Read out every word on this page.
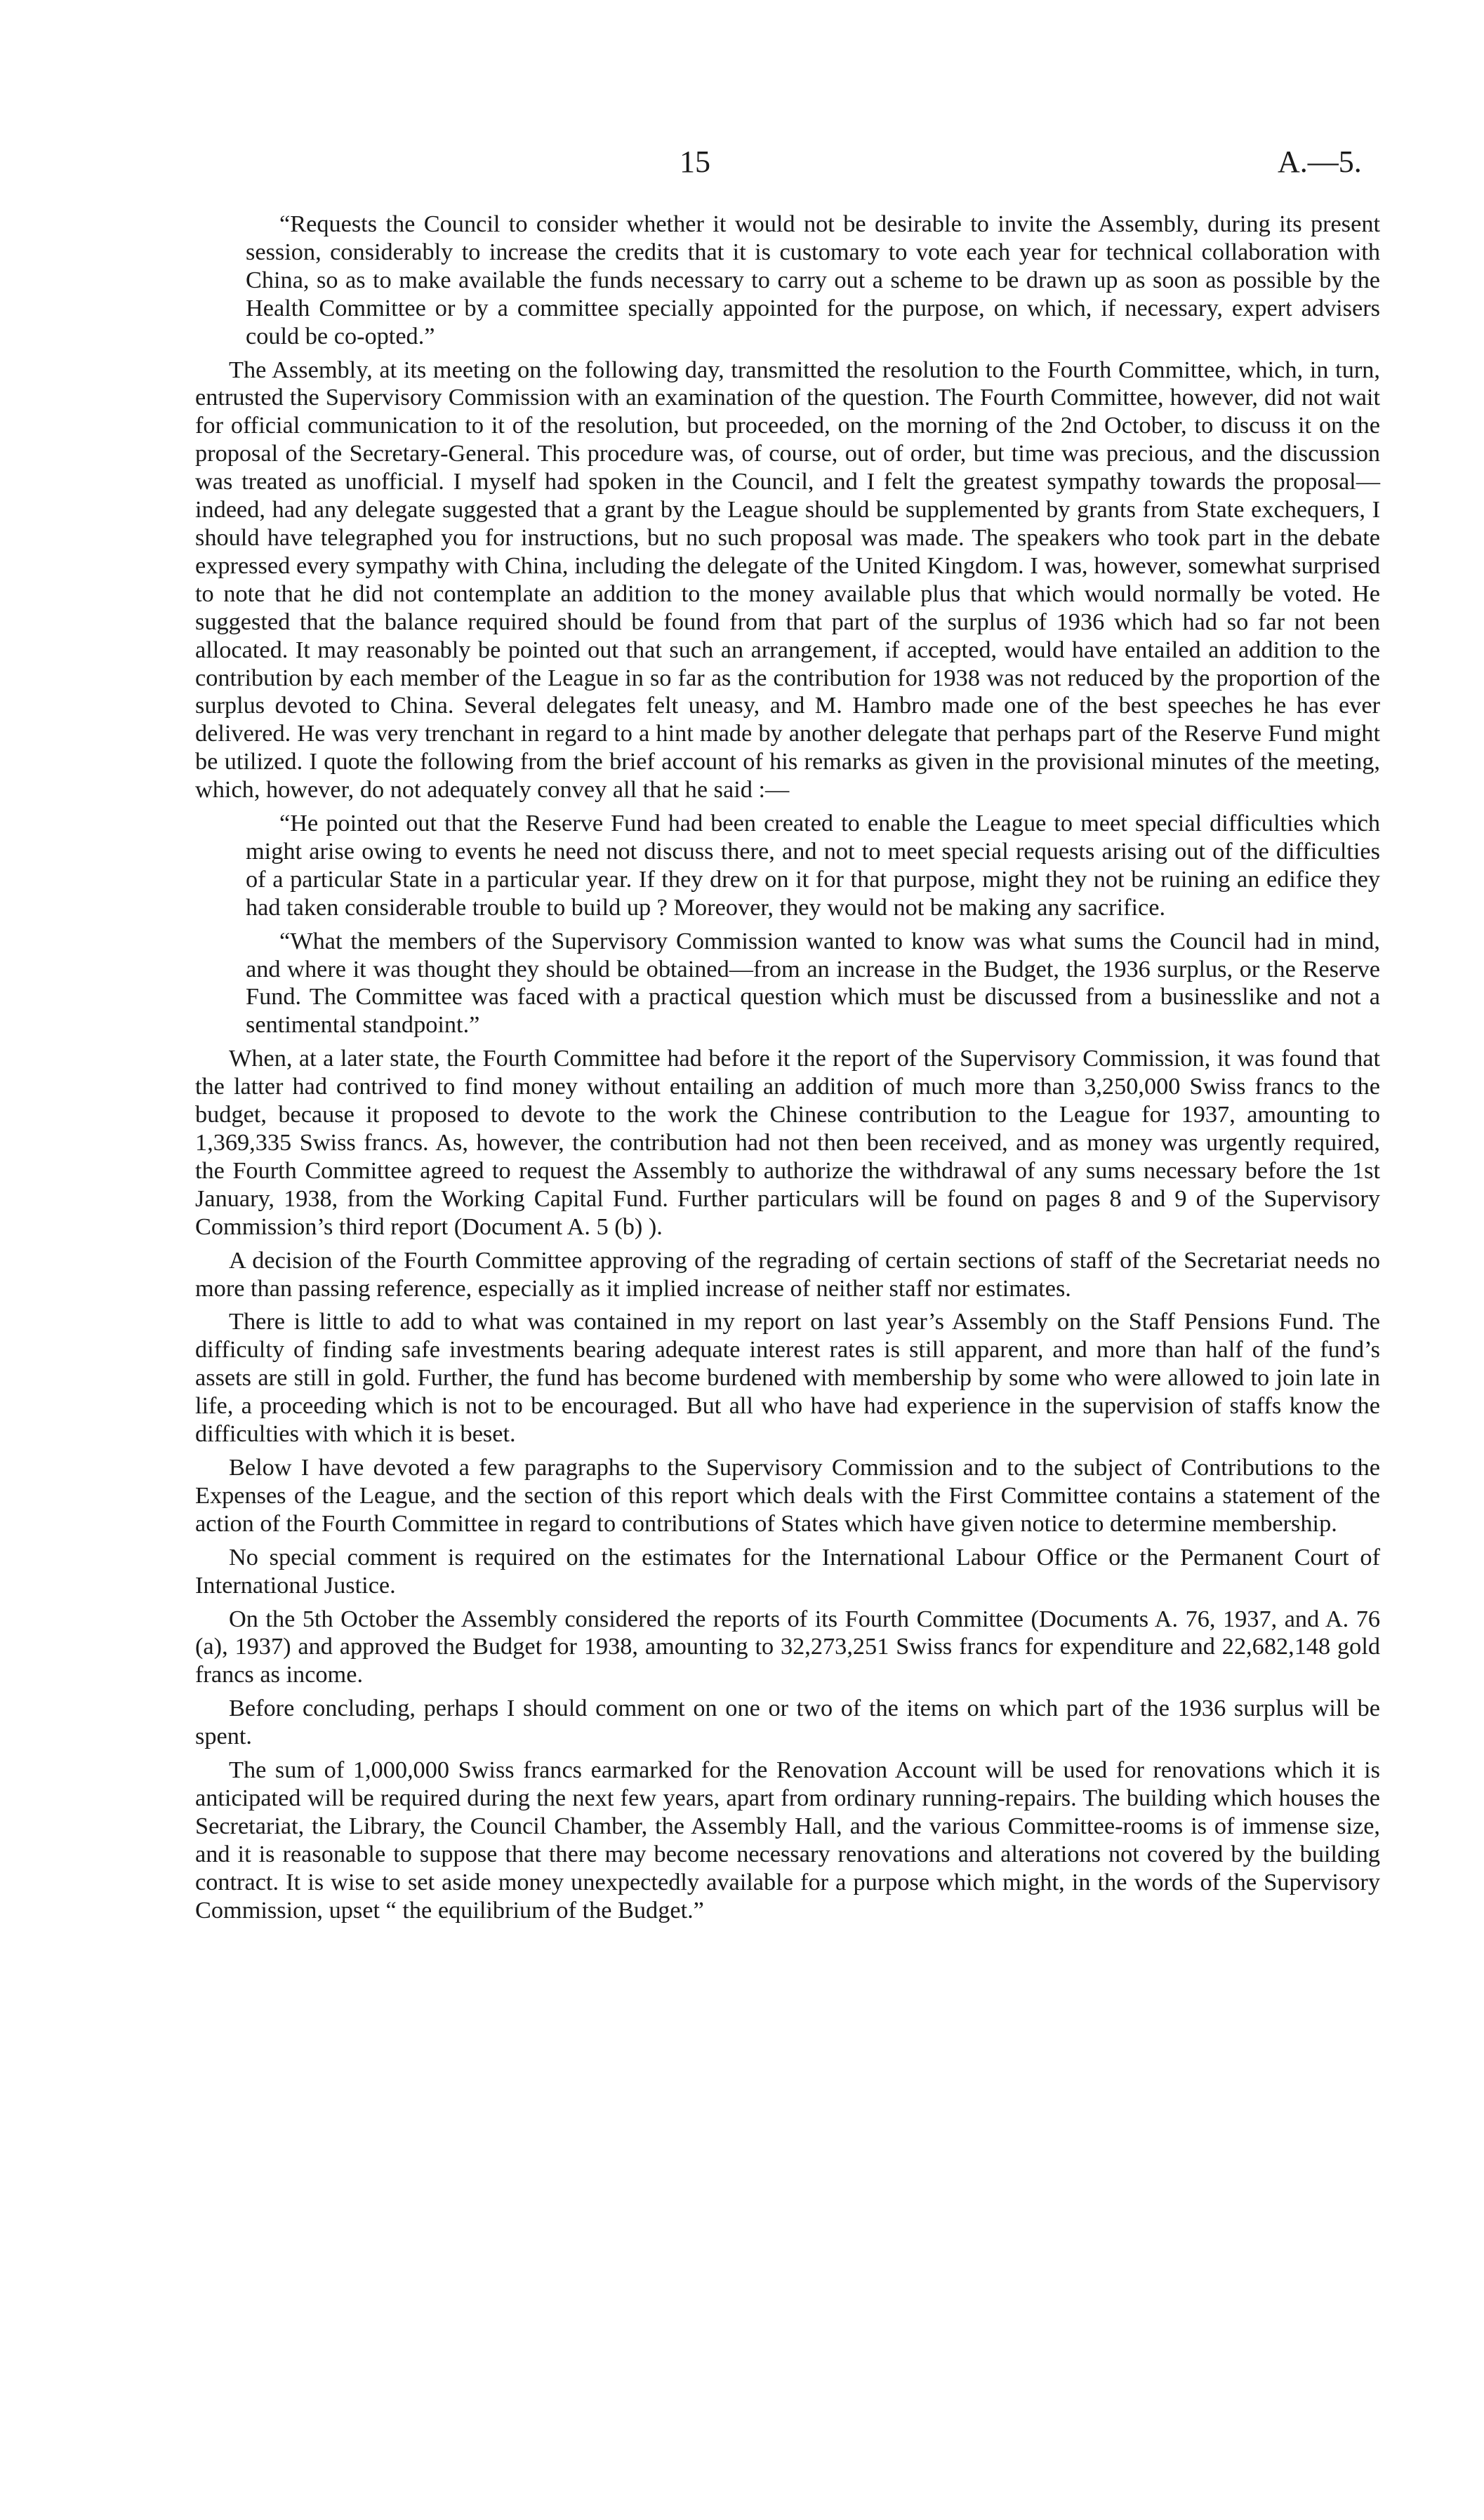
15	A.—5.

“Requests the Council to consider whether it would not be desirable to invite the Assembly, during its present session, considerably to increase the credits that it is customary to vote each year for technical collaboration with China, so as to make available the funds necessary to carry out a scheme to be drawn up as soon as possible by the Health Committee or by a committee specially appointed for the purpose, on which, if necessary, expert advisers could be co-opted.”

The Assembly, at its meeting on the following day, transmitted the resolution to the Fourth Committee, which, in turn, entrusted the Supervisory Commission with an examination of the question. The Fourth Committee, however, did not wait for official communication to it of the resolution, but proceeded, on the morning of the 2nd October, to discuss it on the proposal of the Secretary-General. This procedure was, of course, out of order, but time was precious, and the discussion was treated as unofficial. I myself had spoken in the Council, and I felt the greatest sympathy towards the proposal—indeed, had any delegate suggested that a grant by the League should be supplemented by grants from State exchequers, I should have telegraphed you for instructions, but no such proposal was made. The speakers who took part in the debate expressed every sympathy with China, including the delegate of the United Kingdom. I was, however, somewhat surprised to note that he did not contemplate an addition to the money available plus that which would normally be voted. He suggested that the balance required should be found from that part of the surplus of 1936 which had so far not been allocated. It may reasonably be pointed out that such an arrangement, if accepted, would have entailed an addition to the contribution by each member of the League in so far as the contribution for 1938 was not reduced by the proportion of the surplus devoted to China. Several delegates felt uneasy, and M. Hambro made one of the best speeches he has ever delivered. He was very trenchant in regard to a hint made by another delegate that perhaps part of the Reserve Fund might be utilized. I quote the following from the brief account of his remarks as given in the provisional minutes of the meeting, which, however, do not adequately convey all that he said :—

“He pointed out that the Reserve Fund had been created to enable the League to meet special difficulties which might arise owing to events he need not discuss there, and not to meet special requests arising out of the difficulties of a particular State in a particular year. If they drew on it for that purpose, might they not be ruining an edifice they had taken considerable trouble to build up ? Moreover, they would not be making any sacrifice.

“What the members of the Supervisory Commission wanted to know was what sums the Council had in mind, and where it was thought they should be obtained—from an increase in the Budget, the 1936 surplus, or the Reserve Fund. The Committee was faced with a practical question which must be discussed from a businesslike and not a sentimental standpoint.”

When, at a later state, the Fourth Committee had before it the report of the Supervisory Commission, it was found that the latter had contrived to find money without entailing an addition of much more than 3,250,000 Swiss francs to the budget, because it proposed to devote to the work the Chinese contribution to the League for 1937, amounting to 1,369,335 Swiss francs. As, however, the contribution had not then been received, and as money was urgently required, the Fourth Committee agreed to request the Assembly to authorize the withdrawal of any sums necessary before the 1st January, 1938, from the Working Capital Fund. Further particulars will be found on pages 8 and 9 of the Supervisory Commission’s third report (Document A. 5 (b) ).

A decision of the Fourth Committee approving of the regrading of certain sections of staff of the Secretariat needs no more than passing reference, especially as it implied increase of neither staff nor estimates.

There is little to add to what was contained in my report on last year’s Assembly on the Staff Pensions Fund. The difficulty of finding safe investments bearing adequate interest rates is still apparent, and more than half of the fund’s assets are still in gold. Further, the fund has become burdened with membership by some who were allowed to join late in life, a proceeding which is not to be encouraged. But all who have had experience in the supervision of staffs know the difficulties with which it is beset.

Below I have devoted a few paragraphs to the Supervisory Commission and to the subject of Contributions to the Expenses of the League, and the section of this report which deals with the First Committee contains a statement of the action of the Fourth Committee in regard to contributions of States which have given notice to determine membership.

No special comment is required on the estimates for the International Labour Office or the Permanent Court of International Justice.

On the 5th October the Assembly considered the reports of its Fourth Committee (Documents A. 76, 1937, and A. 76 (a), 1937) and approved the Budget for 1938, amounting to 32,273,251 Swiss francs for expenditure and 22,682,148 gold francs as income.

Before concluding, perhaps I should comment on one or two of the items on which part of the 1936 surplus will be spent.

The sum of 1,000,000 Swiss francs earmarked for the Renovation Account will be used for renovations which it is anticipated will be required during the next few years, apart from ordinary running-repairs. The building which houses the Secretariat, the Library, the Council Chamber, the Assembly Hall, and the various Committee-rooms is of immense size, and it is reasonable to suppose that there may become necessary renovations and alterations not covered by the building contract. It is wise to set aside money unexpectedly available for a purpose which might, in the words of the Supervisory Commission, upset “ the equilibrium of the Budget.”
